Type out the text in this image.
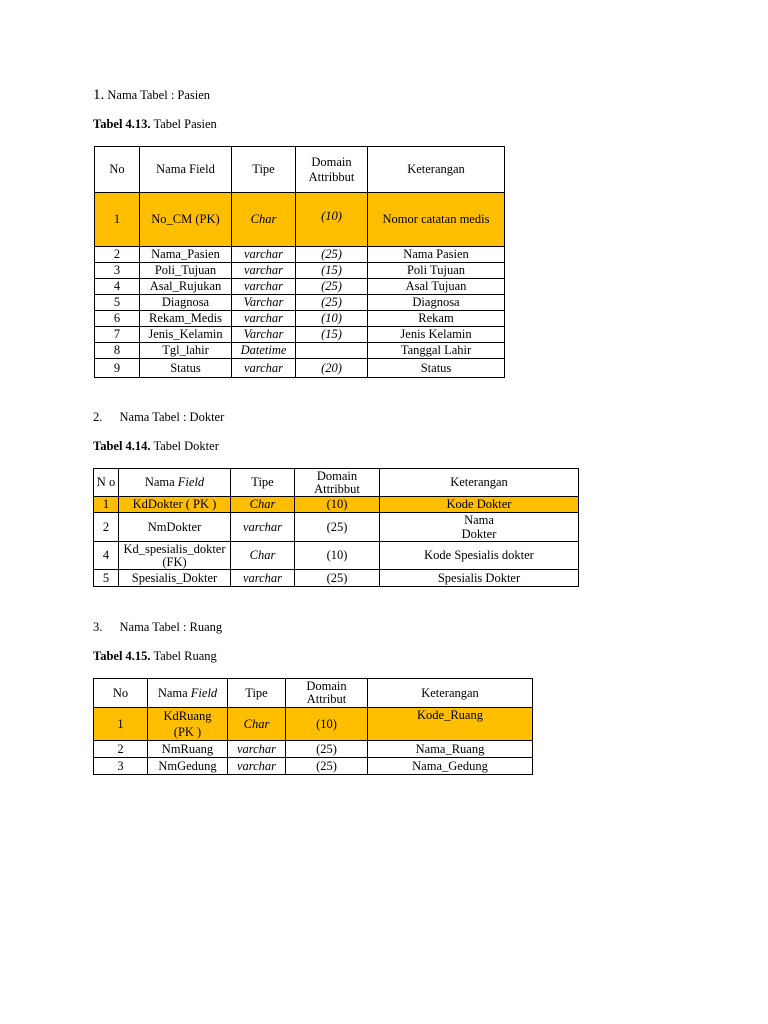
1. Nama Tabel : Pasien
Tabel 4.13. Tabel Pasien
No	Nama Field	Tipe	Domain Attribbut	Keterangan
1	No_CM (PK)	Char	(10)	Nomor catatan medis
2	Nama_Pasien	varchar	(25)	Nama Pasien
3	Poli_Tujuan	varchar	(15)	Poli Tujuan
4	Asal_Rujukan	varchar	(25)	Asal Tujuan
5	Diagnosa	Varchar	(25)	Diagnosa
6	Rekam_Medis	varchar	(10)	Rekam
7	Jenis_Kelamin	Varchar	(15)	Jenis Kelamin
8	Tgl_lahir	Datetime		Tanggal Lahir
9	Status	varchar	(20)	Status
2. Nama Tabel : Dokter
Tabel 4.14. Tabel Dokter
N o	Nama Field	Tipe	Domain Attribbut	Keterangan
1	KdDokter ( PK )	Char	(10)	Kode Dokter
2	NmDokter	varchar	(25)	Nama Dokter
4	Kd_spesialis_dokter (FK)	Char	(10)	Kode Spesialis dokter
5	Spesialis_Dokter	varchar	(25)	Spesialis Dokter
3. Nama Tabel : Ruang
Tabel 4.15. Tabel Ruang
No	Nama Field	Tipe	Domain Attribut	Keterangan
1	KdRuang (PK )	Char	(10)	Kode_Ruang
2	NmRuang	varchar	(25)	Nama_Ruang
3	NmGedung	varchar	(25)	Nama_Gedung
